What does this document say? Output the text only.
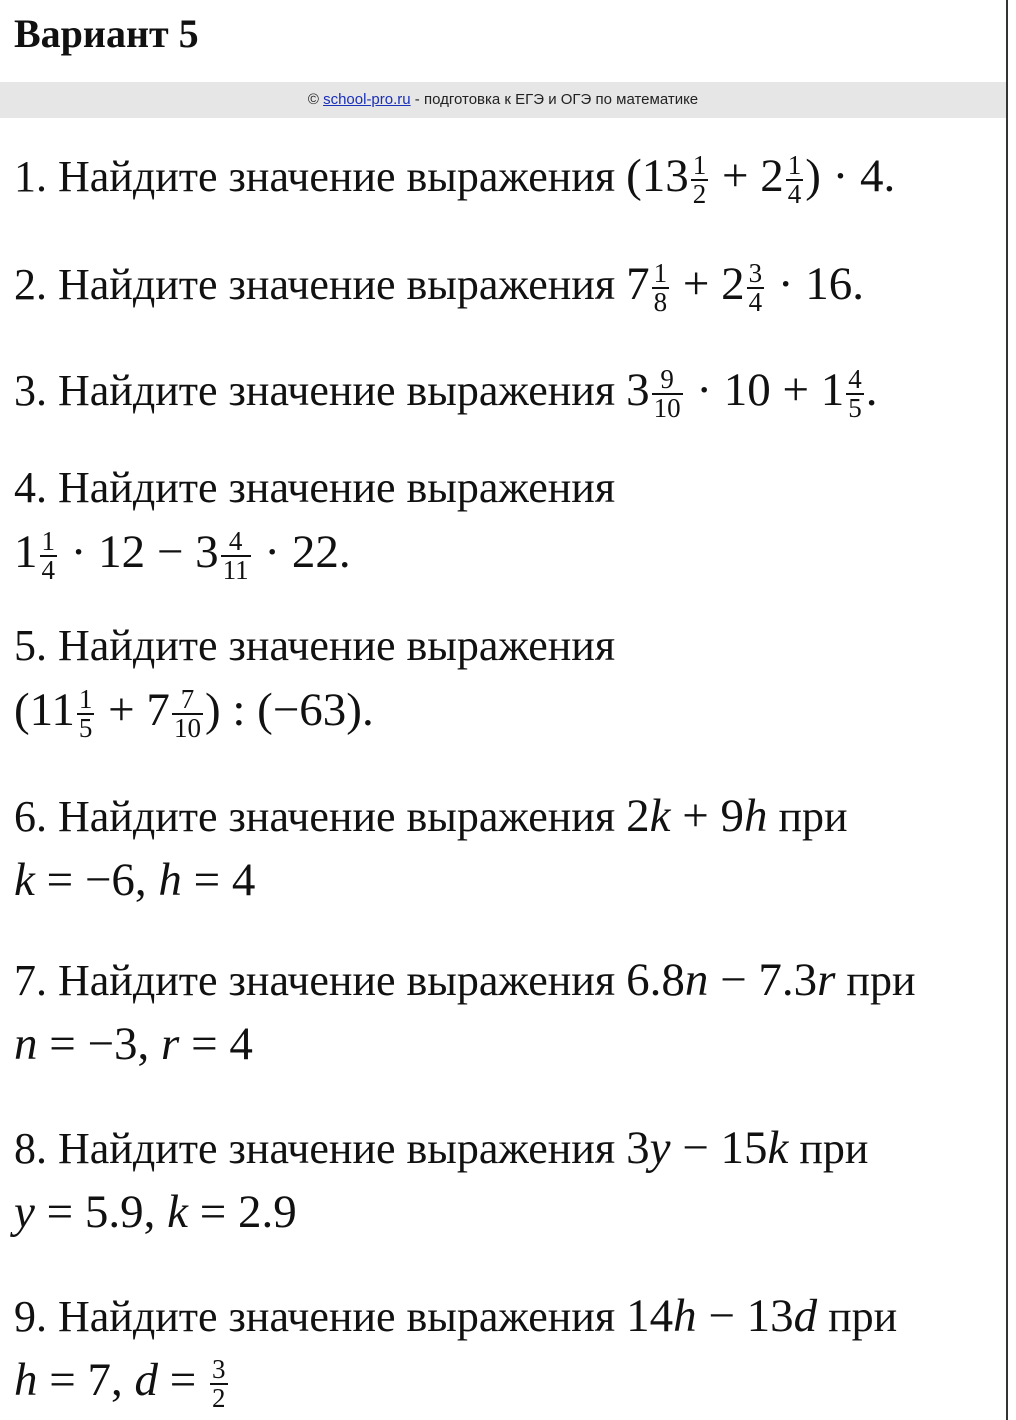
Вариант 5
© school-pro.ru - подготовка к ЕГЭ и ОГЭ по математике
1. Найдите значение выражения ($13 \frac{1}{2} + 2 \frac{1}{4}$ ) · 4.
2. Найдите значение выражения $7 \frac{1}{8} + 2 \frac{3}{4} \cdot 16$.
3. Найдите значение выражения $3 \frac{9}{10} \cdot 10 + 1 \frac{4}{5}$ .
4. Найдите значение выражения
$1 \frac{1}{4} \cdot 12 - 3 \frac{4}{11} \cdot 22$.
5. Найдите значение выражения
($11 \frac{1}{5} + 7 \frac{7}{10}$ ) : (−63).
6. Найдите значение выражения 2k + 9h при
k = −6, h = 4
7. Найдите значение выражения 6.8n − 7.3r при
n = −3, r = 4
8. Найдите значение выражения 3y − 15k при
y = 5.9, k = 2.9
9. Найдите значение выражения 14h − 13d при
h = 7, $d = \frac{3}{2}$
